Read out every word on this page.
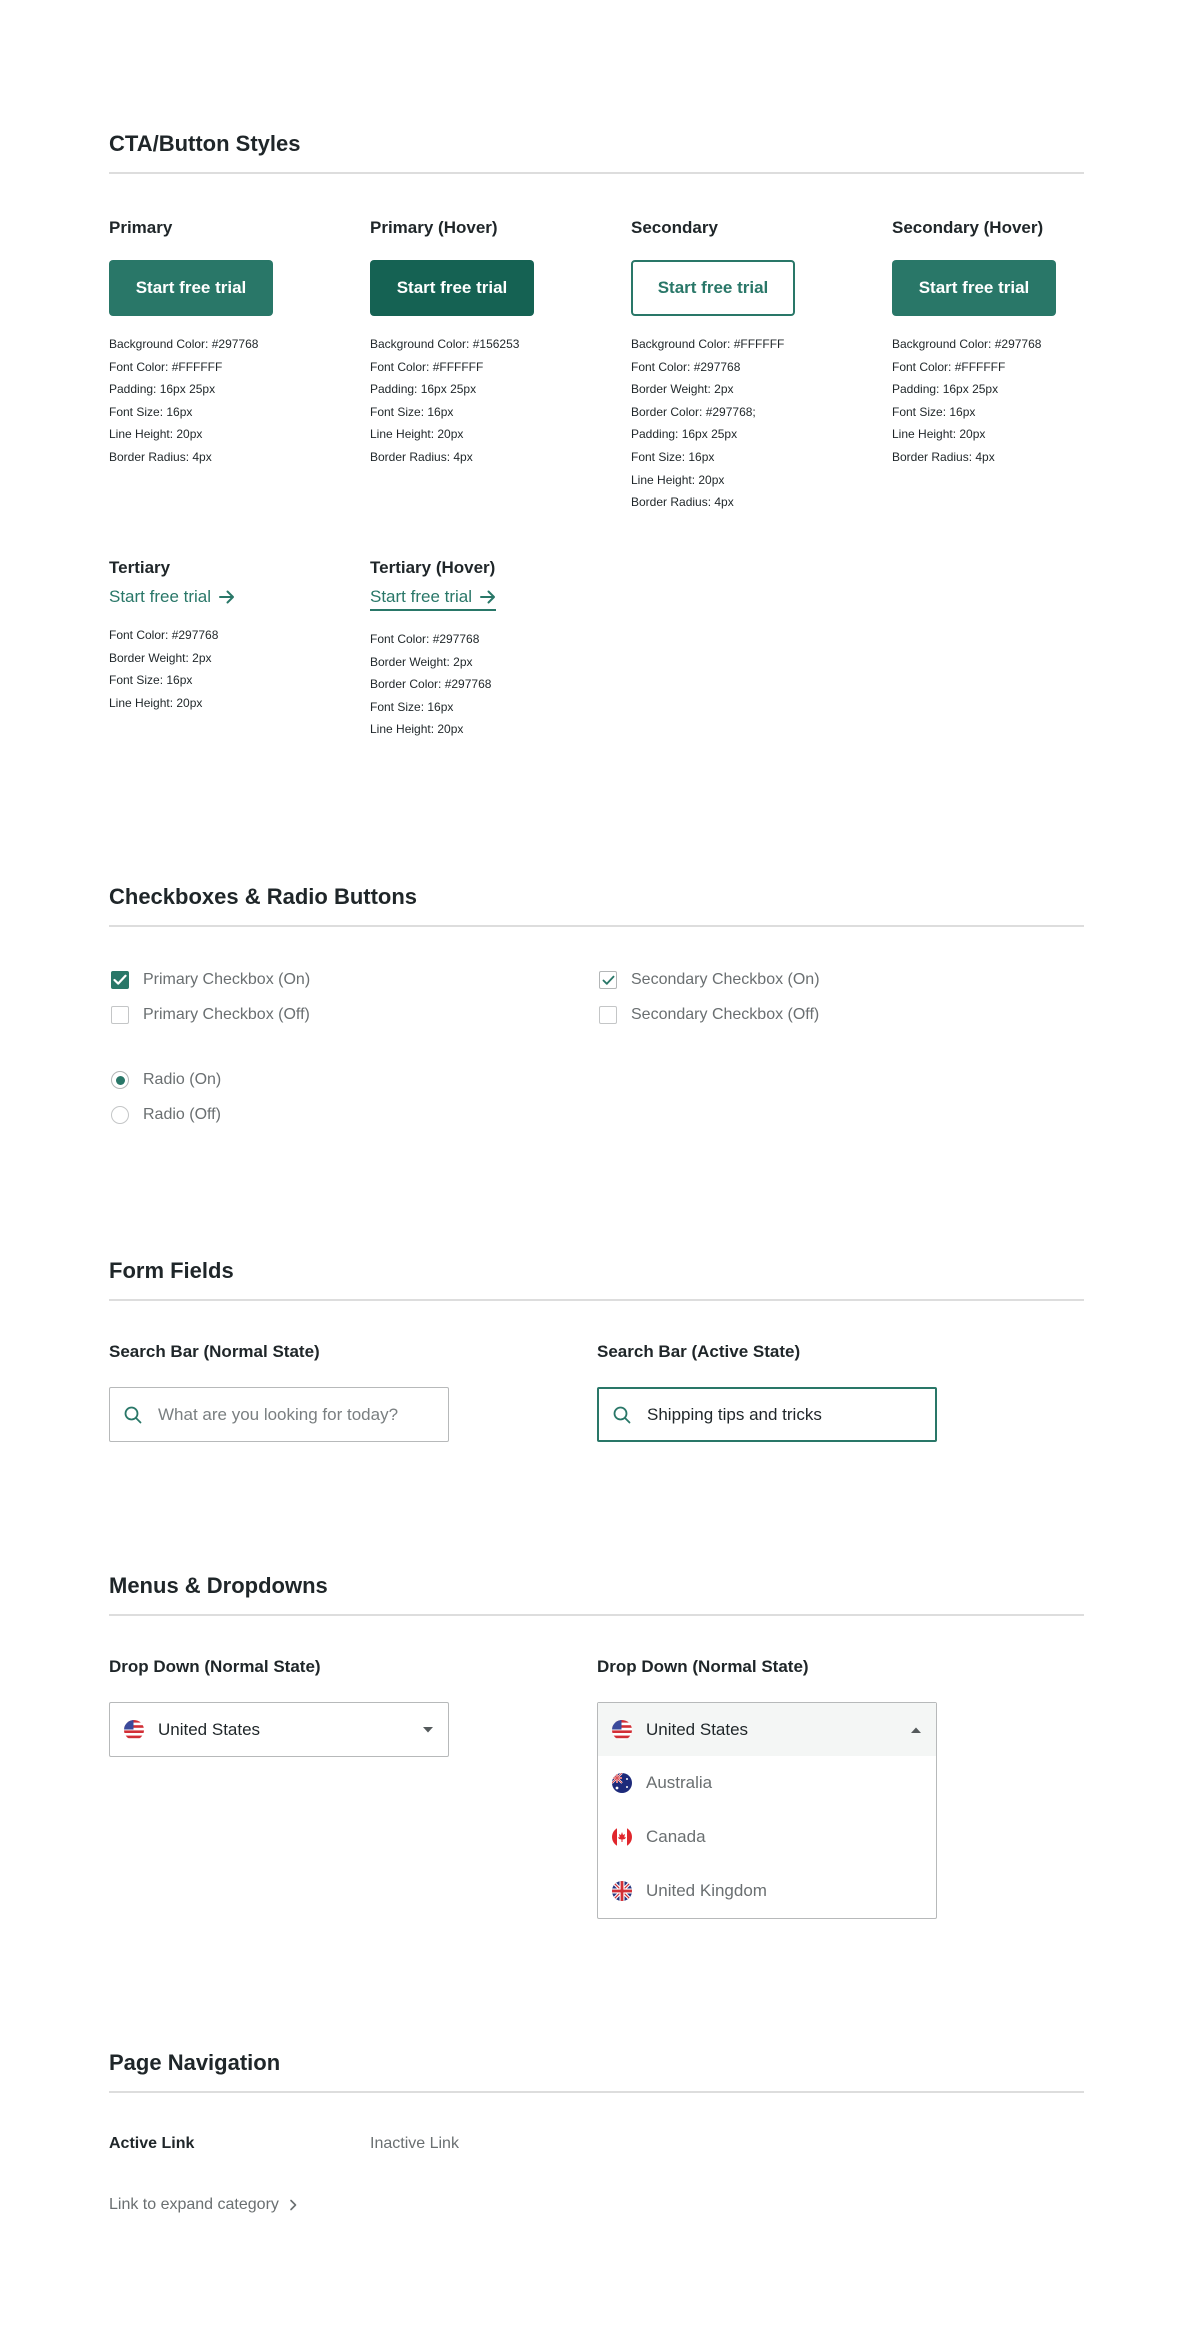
CTA/Button Styles
Primary
Start free trial
Background Color: #297768
Font Color: #FFFFFF
Padding: 16px 25px
Font Size: 16px
Line Height: 20px
Border Radius: 4px
Primary (Hover)
Start free trial
Background Color: #156253
Font Color: #FFFFFF
Padding: 16px 25px
Font Size: 16px
Line Height: 20px
Border Radius: 4px
Secondary
Start free trial
Background Color: #FFFFFF
Font Color: #297768
Border Weight: 2px
Border Color: #297768;
Padding: 16px 25px
Font Size: 16px
Line Height: 20px
Border Radius: 4px
Secondary (Hover)
Start free trial
Background Color: #297768
Font Color: #FFFFFF
Padding: 16px 25px
Font Size: 16px
Line Height: 20px
Border Radius: 4px
Tertiary
Start free trial
Font Color: #297768
Border Weight: 2px
Font Size: 16px
Line Height: 20px
Tertiary (Hover)
Start free trial
Font Color: #297768
Border Weight: 2px
Border Color: #297768
Font Size: 16px
Line Height: 20px
Checkboxes & Radio Buttons
Primary Checkbox (On)
Primary Checkbox (Off)
Secondary Checkbox (On)
Secondary Checkbox (Off)
Radio (On)
Radio (Off)
Form Fields
Search Bar (Normal State)
What are you looking for today?	Search Bar (Active State)
Shipping tips and tricks
Menus & Dropdowns
Drop Down (Normal State)
United States
Drop Down (Normal State)
United States
Australia
Canada
United Kingdom
Page Navigation
Active Link	Inactive Link
Link to expand category
